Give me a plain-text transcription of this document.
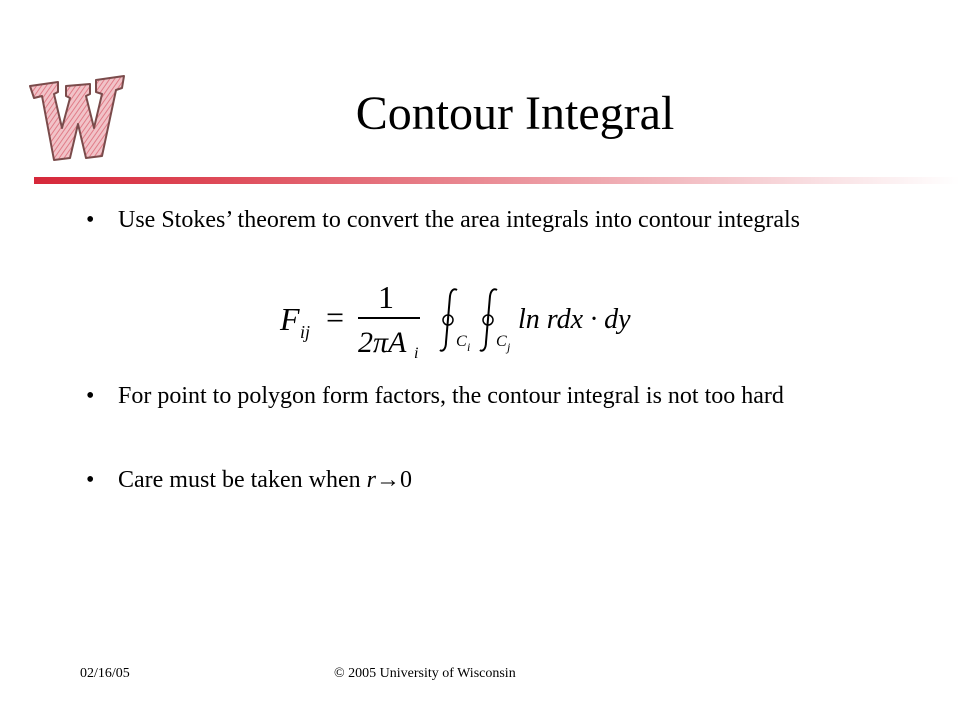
Contour Integral
• Use Stokes’ theorem to convert the area integrals into contour integrals
F ij =
1
2πA i
C i C j
ln rdx · dy
• For point to polygon form factors, the contour integral is not too hard
• Care must be taken when r→0
02/16/05	© 2005 University of Wisconsin
